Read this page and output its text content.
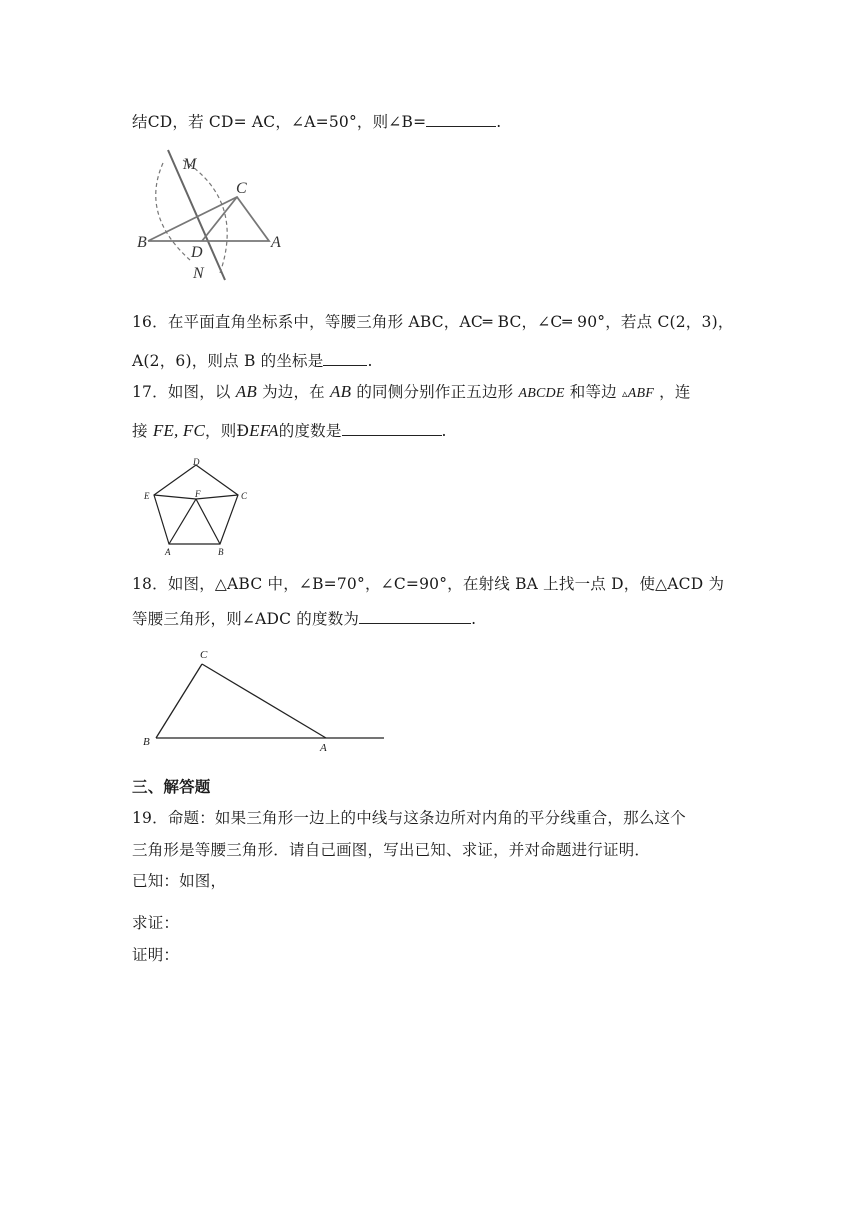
结CD，若 CD= AC，∠A=50°，则∠B=	.
M
C
B
D
A
N
16．在平面直角坐标系中，等腰三角形 ABC，AC═ BC，∠C═ 90°，若点 C(2，3)，
A(2，6)，则点 B 的坐标是	.
17．如图，以 AB 为边，在 AB 的同侧分别作正五边形 ABCDE 和等边 ▵ABF ，连
接 FE, FC，则ÐEFA的度数是	.
D
E	F	C
A	B
18．如图，△ABC 中，∠B=70°，∠C=90°，在射线 BA 上找一点 D，使△ACD 为
等腰三角形，则∠ADC 的度数为	.
C
B	A
三、解答题
19．命题：如果三角形一边上的中线与这条边所对内角的平分线重合，那么这个
三角形是等腰三角形．请自己画图，写出已知、求证，并对命题进行证明．
已知：如图，
求证：
证明：
